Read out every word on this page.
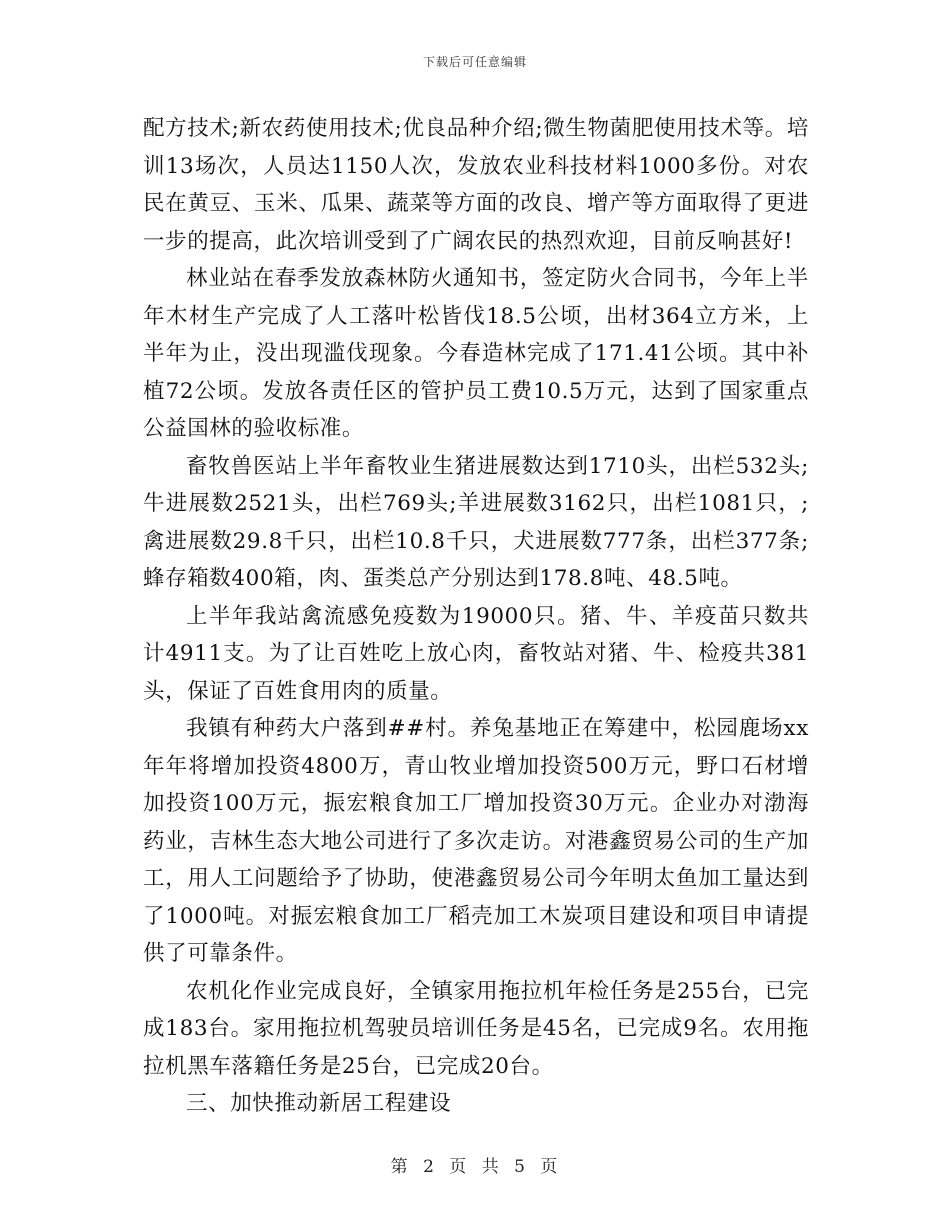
下载后可任意编辑

配方技术;新农药使用技术;优良品种介绍;微生物菌肥使用技术等。培训13场次，人员达1150人次，发放农业科技材料1000多份。对农民在黄豆、玉米、瓜果、蔬菜等方面的改良、增产等方面取得了更进一步的提高，此次培训受到了广阔农民的热烈欢迎，目前反响甚好!

林业站在春季发放森林防火通知书，签定防火合同书，今年上半年木材生产完成了人工落叶松皆伐18.5公顷，出材364立方米，上半年为止，没出现滥伐现象。今春造林完成了171.41公顷。其中补植72公顷。发放各责任区的管护员工费10.5万元，达到了国家重点公益国林的验收标准。

畜牧兽医站上半年畜牧业生猪进展数达到1710头，出栏532头;牛进展数2521头，出栏769头;羊进展数3162只，出栏1081只，;禽进展数29.8千只，出栏10.8千只，犬进展数777条，出栏377条;蜂存箱数400箱，肉、蛋类总产分别达到178.8吨、48.5吨。

上半年我站禽流感免疫数为19000只。猪、牛、羊疫苗只数共计4911支。为了让百姓吃上放心肉，畜牧站对猪、牛、检疫共381头，保证了百姓食用肉的质量。

我镇有种药大户落到##村。养兔基地正在筹建中，松园鹿场xx年年将增加投资4800万，青山牧业增加投资500万元，野口石材增加投资100万元，振宏粮食加工厂增加投资30万元。企业办对渤海药业，吉林生态大地公司进行了多次走访。对港鑫贸易公司的生产加工，用人工问题给予了协助，使港鑫贸易公司今年明太鱼加工量达到了1000吨。对振宏粮食加工厂稻壳加工木炭项目建设和项目申请提供了可靠条件。

农机化作业完成良好，全镇家用拖拉机年检任务是255台，已完成183台。家用拖拉机驾驶员培训任务是45名，已完成9名。农用拖拉机黑车落籍任务是25台，已完成20台。

三、加快推动新居工程建设

第 2 页 共 5 页
